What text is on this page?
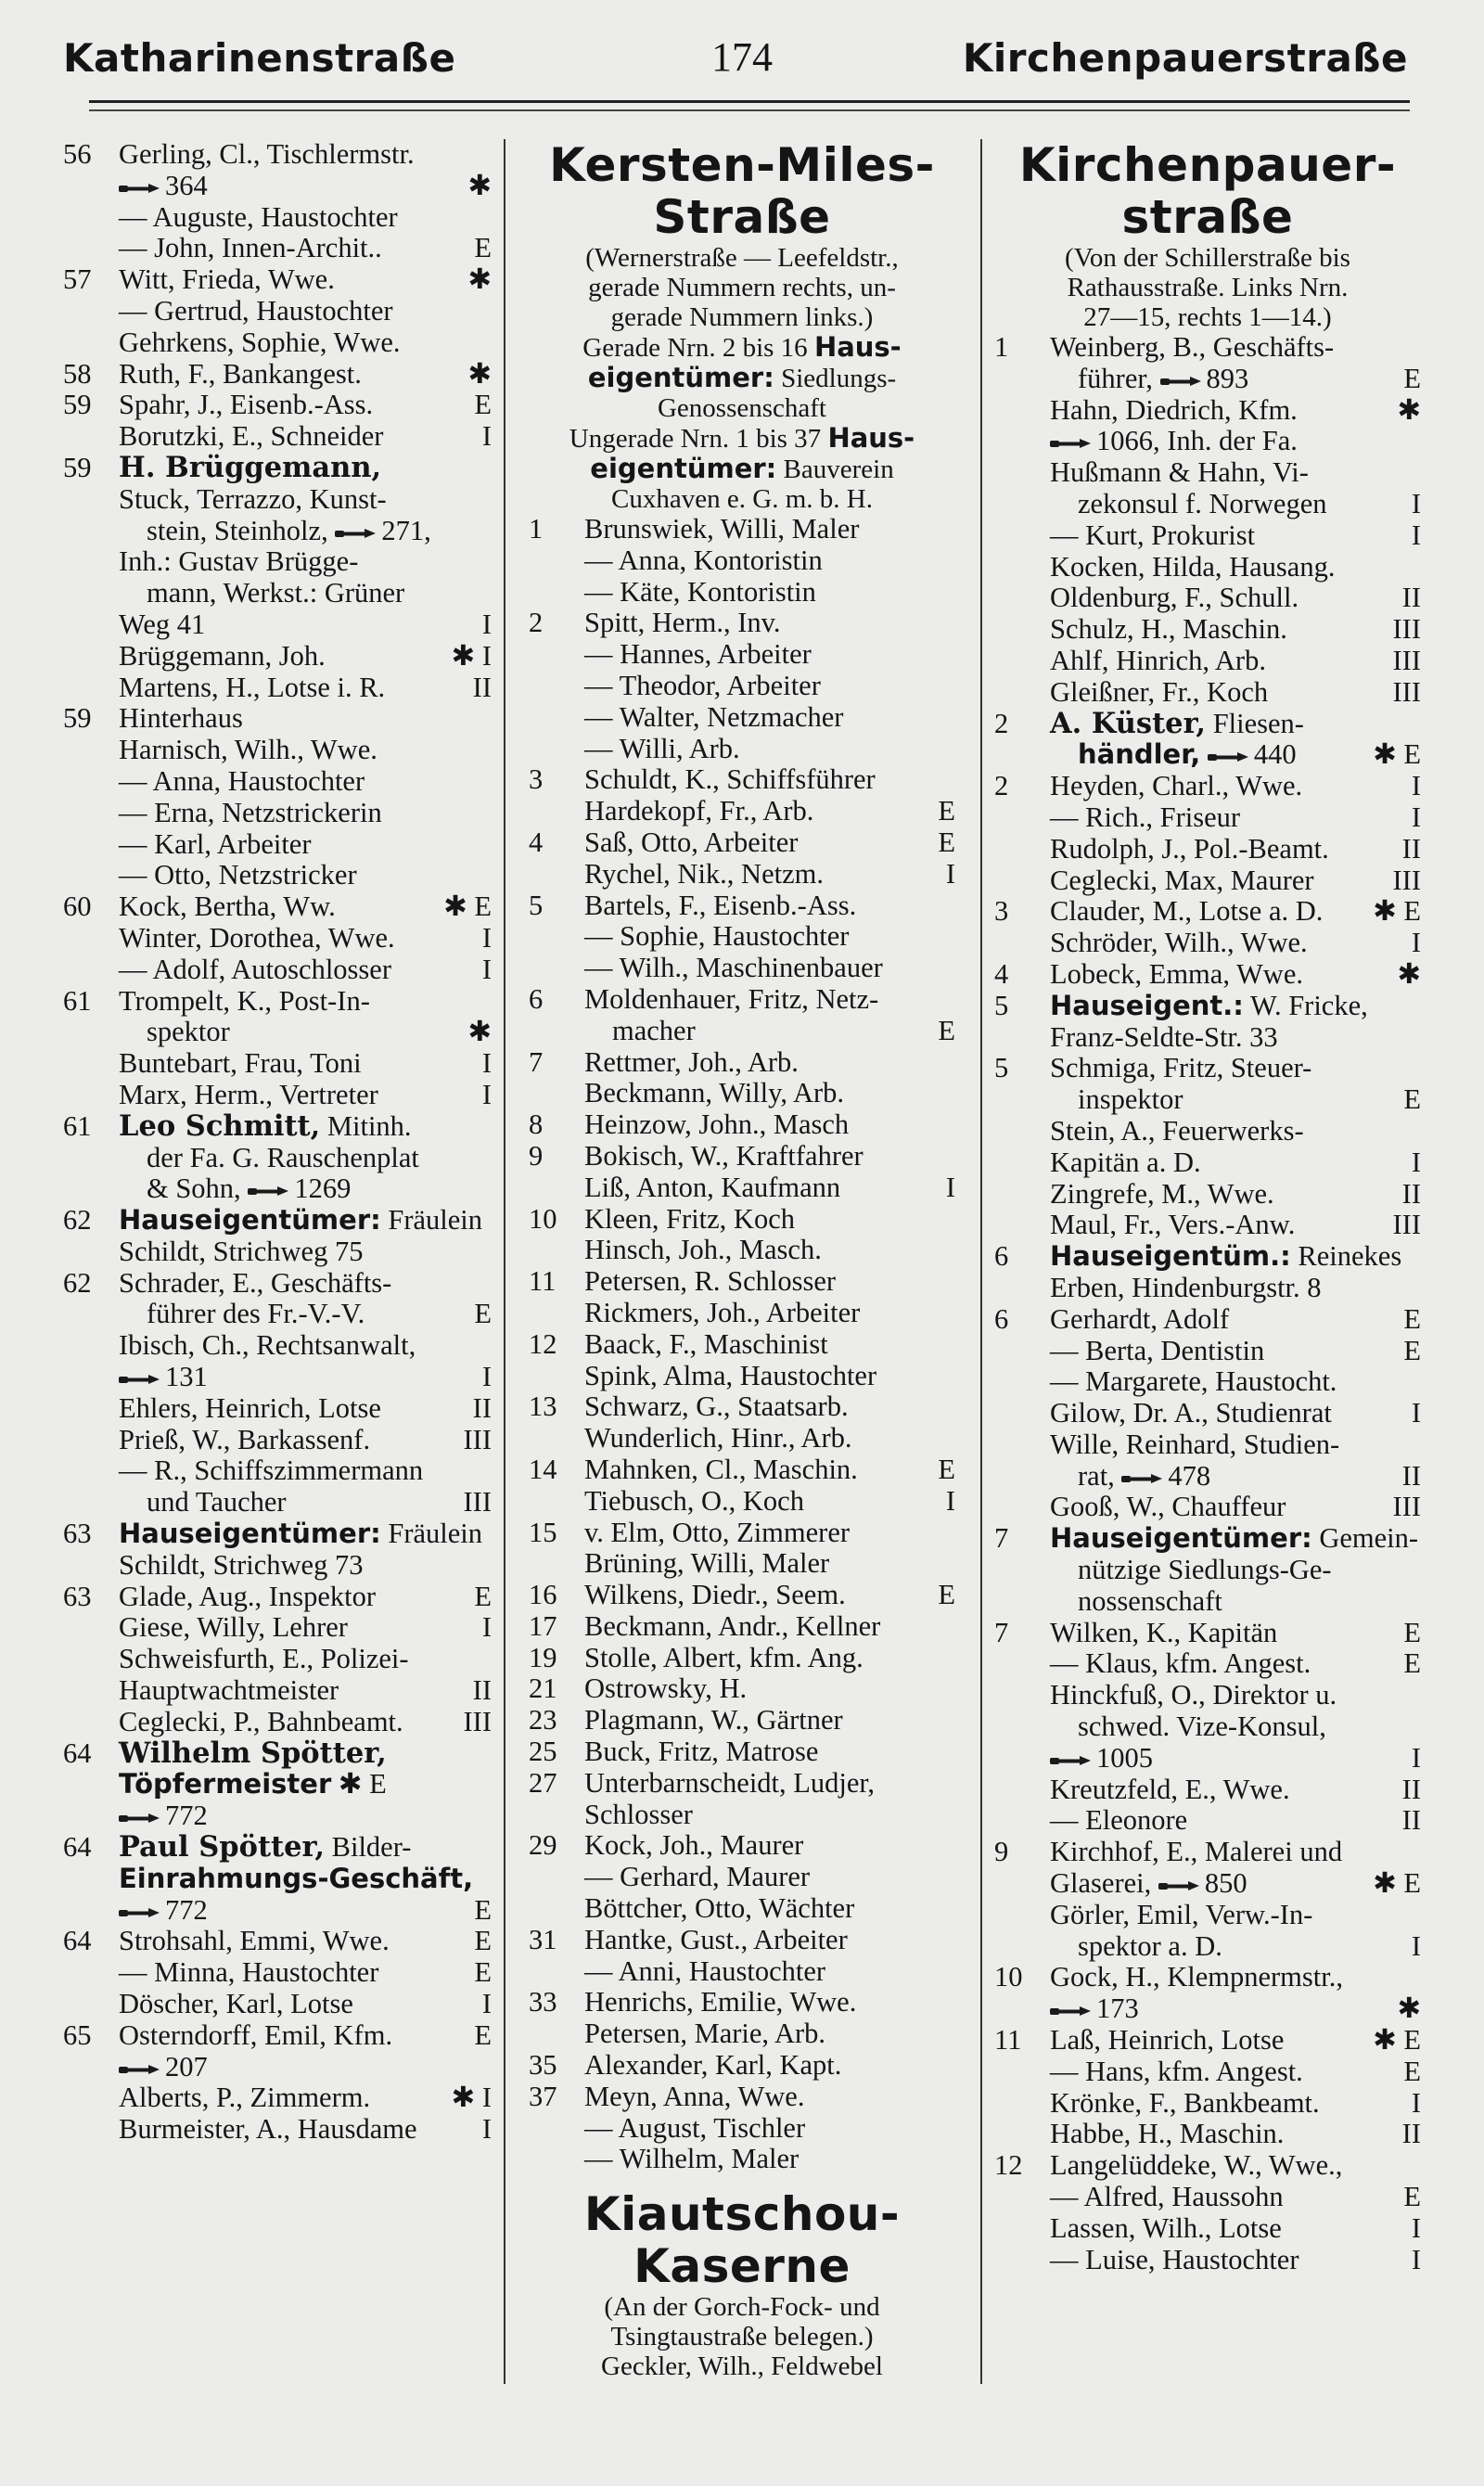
Katharinenstraße	174	Kirchenpauerstraße
56 Gerling, Cl., Tischlermstr.
364	✱
— Auguste, Haustochter
— John, Innen-Archit..	E
57 Witt, Frieda, Wwe.	✱
— Gertrud, Haustochter
Gehrkens, Sophie, Wwe.
58 Ruth, F., Bankangest.	✱
59 Spahr, J., Eisenb.-Ass.	E
Borutzki, E., Schneider	I
59 H. Brüggemann,
Stuck, Terrazzo, Kunst-
stein, Steinholz,
271,
Inh.: Gustav Brügge-
mann, Werkst.: Grüner
Weg 41	I
Brüggemann, Joh.	✱ I
Martens, H., Lotse i. R.	II
59 Hinterhaus
Harnisch, Wilh., Wwe.
— Anna, Haustochter
— Erna, Netzstrickerin
— Karl, Arbeiter
— Otto, Netzstricker
60 Kock, Bertha, Ww.	✱ E
Winter, Dorothea, Wwe.	I
— Adolf, Autoschlosser	I
61 Trompelt, K., Post-In-
spektor	✱
Buntebart, Frau, Toni	I
Marx, Herm., Vertreter	I
61 Leo Schmitt, Mitinh.
der Fa. G. Rauschenplat
& Sohn,
1269
62	Hauseigentümer: Fräulein
Schildt, Strichweg 75
62 Schrader, E., Geschäfts-
führer des Fr.-V.-V.	E
Ibisch, Ch., Rechtsanwalt,
131	I
Ehlers, Heinrich, Lotse	II
Prieß, W., Barkassenf.	III
— R., Schiffszimmermann
und Taucher	III
63	Hauseigentümer: Fräulein
Schildt, Strichweg 73
63 Glade, Aug., Inspektor	E
Giese, Willy, Lehrer	I
Schweisfurth, E., Polizei-
Hauptwachtmeister	II
Ceglecki, P., Bahnbeamt. III
64 Wilhelm Spötter,
Töpfermeister ✱ E
772
64 Paul Spötter, Bilder-
Einrahmungs-Geschäft,
772	E
64 Strohsahl, Emmi, Wwe.	E
— Minna, Haustochter	E
Döscher, Karl, Lotse	I
65 Osterndorff, Emil, Kfm.	E
207
Alberts, P., Zimmerm.	✱ I
Burmeister, A., Hausdame I
Kersten-Miles-
Straße
(Wernerstraße — Leefeldstr.,
gerade Nummern rechts, un-
gerade Nummern links.)
Gerade Nrn. 2 bis 16 Haus-
eigentümer: Siedlungs-
Genossenschaft
Ungerade Nrn. 1 bis 37 Haus-
eigentümer: Bauverein
Cuxhaven e. G. m. b. H.
1	Brunswiek, Willi, Maler
— Anna, Kontoristin
— Käte, Kontoristin
2	Spitt, Herm., Inv.
— Hannes, Arbeiter
— Theodor, Arbeiter
— Walter, Netzmacher
— Willi, Arb.
3	Schuldt, K., Schiffsführer
Hardekopf, Fr., Arb.	E
4	Saß, Otto, Arbeiter	E
Rychel, Nik., Netzm.	I
5	Bartels, F., Eisenb.-Ass.
— Sophie, Haustochter
— Wilh., Maschinenbauer
6	Moldenhauer, Fritz, Netz-
macher	E
7	Rettmer, Joh., Arb.
Beckmann, Willy, Arb.
8	Heinzow, John., Masch
9	Bokisch, W., Kraftfahrer
Liß, Anton, Kaufmann	I
10 Kleen, Fritz, Koch
Hinsch, Joh., Masch.
11	Petersen, R. Schlosser
Rickmers, Joh., Arbeiter
12 Baack, F., Maschinist
Spink, Alma, Haustochter
13 Schwarz, G., Staatsarb.
Wunderlich, Hinr., Arb.
14 Mahnken, Cl., Maschin.	E
Tiebusch, O., Koch	I
15 v. Elm, Otto, Zimmerer
Brüning, Willi, Maler
16 Wilkens, Diedr., Seem.	E
17 Beckmann, Andr., Kellner
19 Stolle, Albert, kfm. Ang.
21 Ostrowsky, H.
23 Plagmann, W., Gärtner
25 Buck, Fritz, Matrose
27 Unterbarnscheidt, Ludjer,
Schlosser
29 Kock, Joh., Maurer
— Gerhard, Maurer
Böttcher, Otto, Wächter
31 Hantke, Gust., Arbeiter
— Anni, Haustochter
33 Henrichs, Emilie, Wwe.
Petersen, Marie, Arb.
35 Alexander, Karl, Kapt.
37 Meyn, Anna, Wwe.
— August, Tischler
— Wilhelm, Maler
Kiautschou-
Kaserne
(An der Gorch-Fock- und
Tsingtaustraße belegen.)
Geckler, Wilh., Feldwebel
Kirchenpauer-
straße
(Von der Schillerstraße bis
Rathausstraße. Links Nrn.
27—15, rechts 1—14.)
1	Weinberg, B., Geschäfts-
führer,
893	E
Hahn, Diedrich, Kfm.	✱
1066, Inh. der Fa.
Hußmann & Hahn, Vi-
zekonsul f. Norwegen	I
— Kurt, Prokurist	I
Kocken, Hilda, Hausang.
Oldenburg, F., Schull.	II
Schulz, H., Maschin.	III
Ahlf, Hinrich, Arb.	III
Gleißner, Fr., Koch	III
2	A. Küster, Fliesen-
händler, 440	✱ E
2	Heyden, Charl., Wwe.	I
— Rich., Friseur	I
Rudolph, J., Pol.-Beamt.	II
Ceglecki, Max, Maurer	III
3	Clauder, M., Lotse a. D. ✱ E
Schröder, Wilh., Wwe.	I
4	Lobeck, Emma, Wwe.	✱
5	Hauseigent.: W. Fricke,
Franz-Seldte-Str. 33
5	Schmiga, Fritz, Steuer-
inspektor	E
Stein, A., Feuerwerks-
Kapitän a. D.	I
Zingrefe, M., Wwe.	II
Maul, Fr., Vers.-Anw.	III
6	Hauseigentüm.: Reinekes
Erben, Hindenburgstr. 8
6	Gerhardt, Adolf	E
— Berta, Dentistin	E
— Margarete, Haustocht.
Gilow, Dr. A., Studienrat	I
Wille, Reinhard, Studien-
rat,
478	II
Gooß, W., Chauffeur	III
7	Hauseigentümer: Gemein-
nützige Siedlungs-Ge-
nossenschaft
7	Wilken, K., Kapitän	E
— Klaus, kfm. Angest.	E
Hinckfuß, O., Direktor u.
schwed. Vize-Konsul,
1005	I
Kreutzfeld, E., Wwe.	II
— Eleonore	II
9	Kirchhof, E., Malerei und
Glaserei,
850	✱ E
Görler, Emil, Verw.-In-
spektor a. D.	I
10 Gock, H., Klempnermstr.,
173	✱
11	Laß, Heinrich, Lotse	✱ E
— Hans, kfm. Angest.	E
Krönke, F., Bankbeamt.	I
Habbe, H., Maschin.	II
12 Langelüddeke, W., Wwe.,
— Alfred, Haussohn	E
Lassen, Wilh., Lotse	I
— Luise, Haustochter	I
